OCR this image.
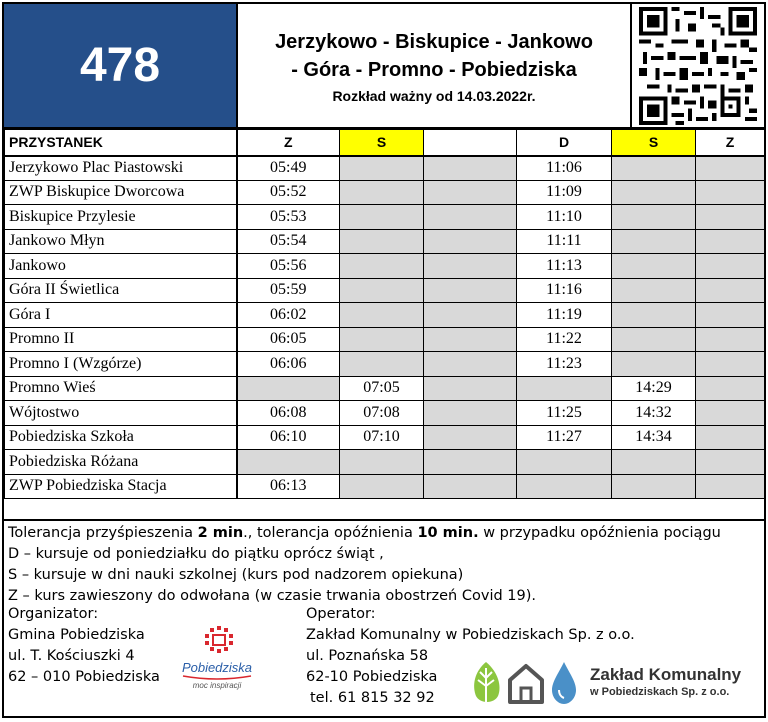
478	Jerzykowo - Biskupice - Jankowo
- Góra - Promno - Pobiedziska
Rozkład ważny od 14.03.2022r.
PRZYSTANEK	Z	S		D	S	Z
Jerzykowo Plac Piastowski	05:49			11:06		
ZWP Biskupice Dworcowa	05:52			11:09		
Biskupice Przylesie	05:53			11:10		
Jankowo Młyn	05:54			11:11		
Jankowo	05:56			11:13		
Góra II Świetlica	05:59			11:16		
Góra I	06:02			11:19		
Promno II	06:05			11:22		
Promno I (Wzgórze)	06:06			11:23		
Promno Wieś		07:05			14:29	
Wójtostwo	06:08	07:08		11:25	14:32	
Pobiedziska Szkoła	06:10	07:10		11:27	14:34	
Pobiedziska Różana						
ZWP Pobiedziska Stacja	06:13					
Tolerancja przyśpieszenia 2 min., tolerancja opóźnienia 10 min. w przypadku opóźnienia pociągu
D – kursuje od poniedziałku do piątku oprócz świąt ,
S – kursuje w dni nauki szkolnej (kurs pod nadzorem opiekuna)
Z – kurs zawieszony do odwołana (w czasie trwania obostrzeń Covid 19).
Organizator:
Gmina Pobiedziska
ul. T. Kościuszki 4
62 – 010 Pobiedziska
Pobiedziska
moc inspiracji
Operator:
Zakład Komunalny w Pobiedziskach Sp. z o.o.
ul. Poznańska 58
62-10 Pobiedziska
tel. 61 815 32 92
Zakład Komunalny
w Pobiedziskach Sp. z o.o.
